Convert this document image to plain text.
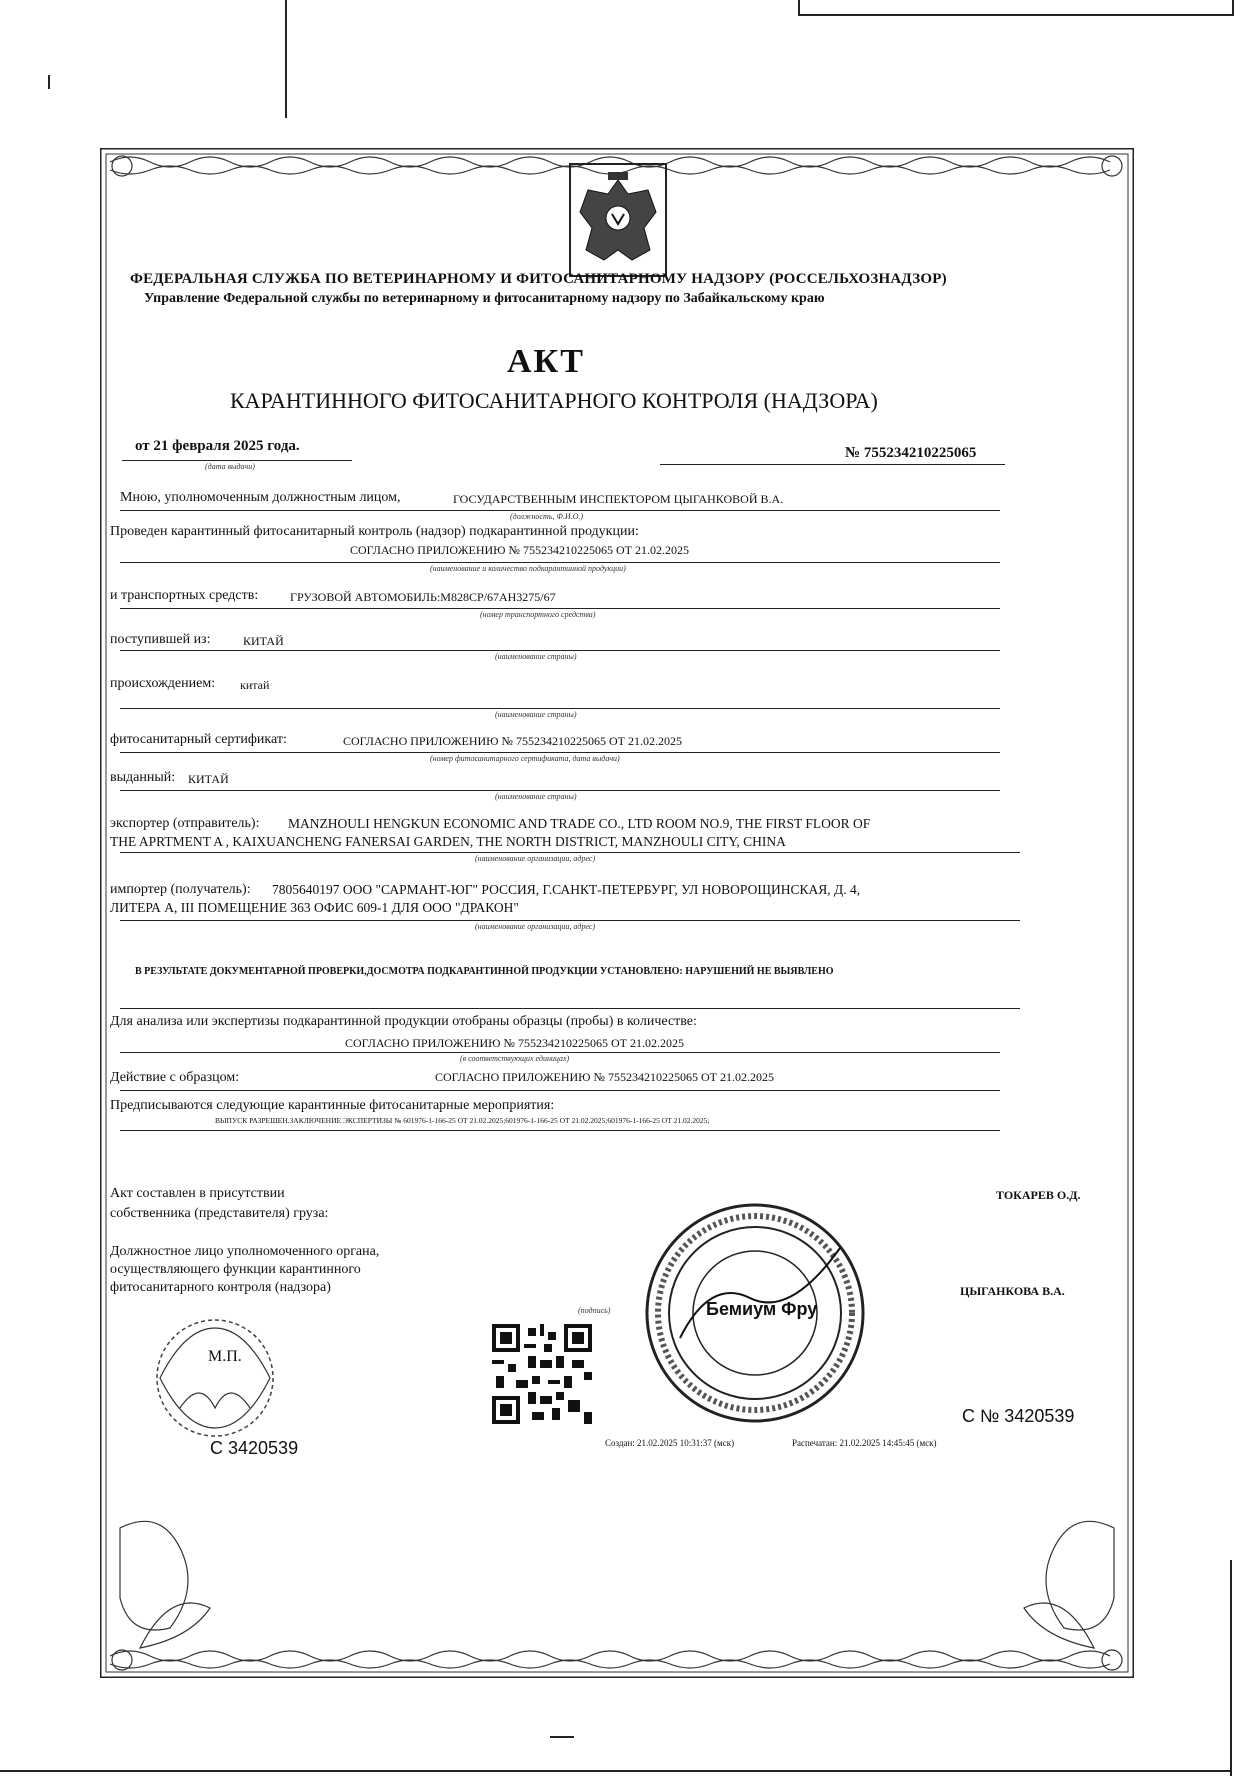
ФЕДЕРАЛЬНАЯ СЛУЖБА ПО ВЕТЕРИНАРНОМУ И ФИТОСАНИТАРНОМУ НАДЗОРУ (РОССЕЛЬХОЗНАДЗОР)
Управление Федеральной службы по ветеринарному и фитосанитарному надзору по Забайкальскому краю
АКТ
КАРАНТИННОГО ФИТОСАНИТАРНОГО КОНТРОЛЯ (НАДЗОРА)
от 21 февраля 2025 года.
(дата выдачи)
№ 755234210225065
Мною, уполномоченным должностным лицом,	ГОСУДАРСТВЕННЫМ ИНСПЕКТОРОМ ЦЫГАНКОВОЙ В.А.
(должность, Ф.И.О.)
Проведен карантинный фитосанитарный контроль (надзор) подкарантинной продукции:
СОГЛАСНО ПРИЛОЖЕНИЮ № 755234210225065 ОТ 21.02.2025
(наименование и количество подкарантинной продукции)
и транспортных средств:	ГРУЗОВОЙ АВТОМОБИЛЬ:М828СР/67АН3275/67
(номер транспортного средства)
поступившей из:	КИТАЙ
(наименование страны)
происхождением: китай
(наименование страны)
фитосанитарный сертификат:	СОГЛАСНО ПРИЛОЖЕНИЮ № 755234210225065 ОТ 21.02.2025
(номер фитосанитарного сертификата, дата выдачи)
выданный: КИТАЙ
(наименование страны)
экспортер (отправитель): MANZHOULI HENGKUN ECONOMIC AND TRADE CO., LTD ROOM NO.9, THE FIRST FLOOR OF
THE APRTMENT A , KAIXUANCHENG FANERSAI GARDEN, THE NORTH DISTRICT, MANZHOULI CITY, CHINA
(наименование организации, адрес)
импортер (получатель): 7805640197 ООО "САРМАНТ-ЮГ" РОССИЯ, Г.САНКТ-ПЕТЕРБУРГ, УЛ НОВОРОЩИНСКАЯ, Д. 4,
ЛИТЕРА А, III ПОМЕЩЕНИЕ 363 ОФИС 609-1 ДЛЯ ООО "ДРАКОН"
(наименование организации, адрес)
В РЕЗУЛЬТАТЕ ДОКУМЕНТАРНОЙ ПРОВЕРКИ,ДОСМОТРА ПОДКАРАНТИННОЙ ПРОДУКЦИИ УСТАНОВЛЕНО: НАРУШЕНИЙ НЕ ВЫЯВЛЕНО
Для анализа или экспертизы подкарантинной продукции отобраны образцы (пробы) в количестве:
СОГЛАСНО ПРИЛОЖЕНИЮ № 755234210225065 ОТ 21.02.2025
(в соответствующих единицах)
Действие с образцом:	СОГЛАСНО ПРИЛОЖЕНИЮ № 755234210225065 ОТ 21.02.2025
Предписываются следующие карантинные фитосанитарные мероприятия:
ВЫПУСК РАЗРЕШЕН.ЗАКЛЮЧЕНИЕ ЭКСПЕРТИЗЫ № 601976-1-166-25 ОТ 21.02.2025;601976-1-166-25 ОТ 21.02.2025;601976-1-166-25 ОТ 21.02.2025;
Акт составлен в присутствии
собственника (представителя) груза:
ТОКАРЕВ О.Д.
Должностное лицо уполномоченного органа,
осуществляющего функции карантинного
фитосанитарного контроля (надзора)	ЦЫГАНКОВА В.А.
(подпись)	Бемиум Фру
М.П.
С 3420539
С № 3420539
Создан: 21.02.2025 10:31:37 (мск)	Распечатан: 21.02.2025 14:45:45 (мск)
